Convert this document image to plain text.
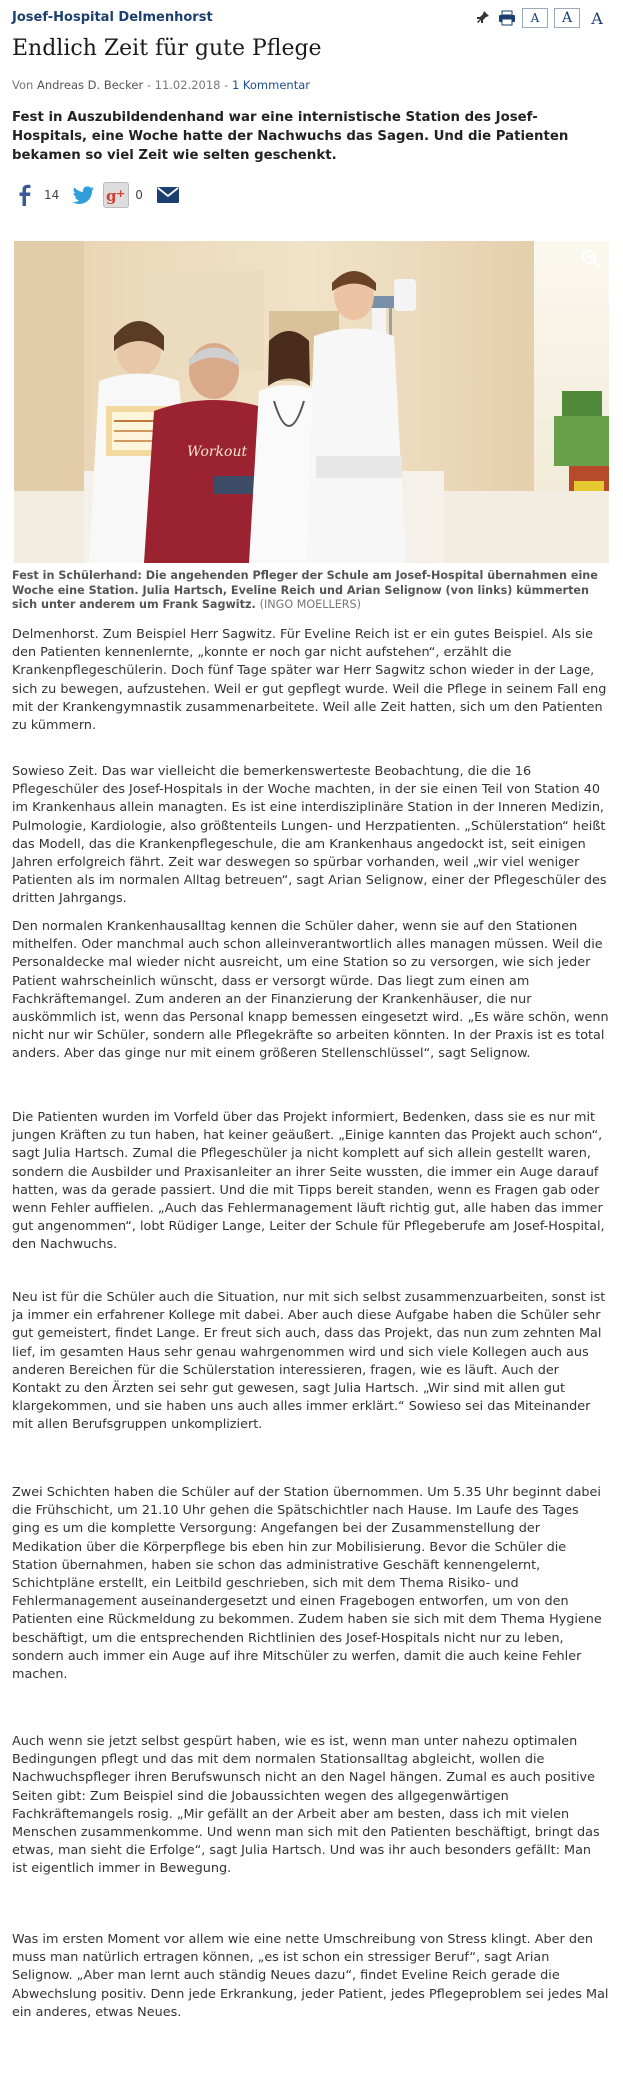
Josef-Hospital Delmenhorst	A	A	A
Endlich Zeit für gute Pflege
Von Andreas D. Becker - 11.02.2018 - 1 Kommentar

Fest in Auszubildendenhand war eine internistische Station des Josef-Hospitals, eine Woche hatte der Nachwuchs das Sagen. Und die Patienten bekamen so viel Zeit wie selten geschenkt.

14	g + 0
Workout

Fest in Schülerhand: Die angehenden Pfleger der Schule am Josef-Hospital übernahmen eine Woche eine Station. Julia Hartsch, Eveline Reich und Arian Selignow (von links) kümmerten sich unter anderem um Frank Sagwitz. (INGO MOELLERS)

Delmenhorst. Zum Beispiel Herr Sagwitz. Für Eveline Reich ist er ein gutes Beispiel. Als sie den Patienten kennenlernte, „konnte er noch gar nicht aufstehen“, erzählt die Krankenpflegeschülerin. Doch fünf Tage später war Herr Sagwitz schon wieder in der Lage, sich zu bewegen, aufzustehen. Weil er gut gepflegt wurde. Weil die Pflege in seinem Fall eng mit der Krankengymnastik zusammenarbeitete. Weil alle Zeit hatten, sich um den Patienten zu kümmern.

Sowieso Zeit. Das war vielleicht die bemerkenswerteste Beobachtung, die die 16 Pflegeschüler des Josef-Hospitals in der Woche machten, in der sie einen Teil von Station 40 im Krankenhaus allein managten. Es ist eine interdisziplinäre Station in der Inneren Medizin, Pulmologie, Kardiologie, also größtenteils Lungen- und Herzpatienten. „Schülerstation“ heißt das Modell, das die Krankenpflegeschule, die am Krankenhaus angedockt ist, seit einigen Jahren erfolgreich fährt. Zeit war deswegen so spürbar vorhanden, weil „wir viel weniger Patienten als im normalen Alltag betreuen“, sagt Arian Selignow, einer der Pflegeschüler des dritten Jahrgangs.

Den normalen Krankenhausalltag kennen die Schüler daher, wenn sie auf den Stationen mithelfen. Oder manchmal auch schon alleinverantwortlich alles managen müssen. Weil die Personaldecke mal wieder nicht ausreicht, um eine Station so zu versorgen, wie sich jeder Patient wahrscheinlich wünscht, dass er versorgt würde. Das liegt zum einen am Fachkräftemangel. Zum anderen an der Finanzierung der Krankenhäuser, die nur auskömmlich ist, wenn das Personal knapp bemessen eingesetzt wird. „Es wäre schön, wenn nicht nur wir Schüler, sondern alle Pflegekräfte so arbeiten könnten. In der Praxis ist es total anders. Aber das ginge nur mit einem größeren Stellenschlüssel“, sagt Selignow.

Die Patienten wurden im Vorfeld über das Projekt informiert, Bedenken, dass sie es nur mit jungen Kräften zu tun haben, hat keiner geäußert. „Einige kannten das Projekt auch schon“, sagt Julia Hartsch. Zumal die Pflegeschüler ja nicht komplett auf sich allein gestellt waren, sondern die Ausbilder und Praxisanleiter an ihrer Seite wussten, die immer ein Auge darauf hatten, was da gerade passiert. Und die mit Tipps bereit standen, wenn es Fragen gab oder wenn Fehler auffielen. „Auch das Fehlermanagement läuft richtig gut, alle haben das immer gut angenommen“, lobt Rüdiger Lange, Leiter der Schule für Pflegeberufe am Josef-Hospital, den Nachwuchs.

Neu ist für die Schüler auch die Situation, nur mit sich selbst zusammenzuarbeiten, sonst ist ja immer ein erfahrener Kollege mit dabei. Aber auch diese Aufgabe haben die Schüler sehr gut gemeistert, findet Lange. Er freut sich auch, dass das Projekt, das nun zum zehnten Mal lief, im gesamten Haus sehr genau wahrgenommen wird und sich viele Kollegen auch aus anderen Bereichen für die Schülerstation interessieren, fragen, wie es läuft. Auch der Kontakt zu den Ärzten sei sehr gut gewesen, sagt Julia Hartsch. „Wir sind mit allen gut klargekommen, und sie haben uns auch alles immer erklärt.“ Sowieso sei das Miteinander mit allen Berufsgruppen unkompliziert.

Zwei Schichten haben die Schüler auf der Station übernommen. Um 5.35 Uhr beginnt dabei die Frühschicht, um 21.10 Uhr gehen die Spätschichtler nach Hause. Im Laufe des Tages ging es um die komplette Versorgung: Angefangen bei der Zusammenstellung der Medikation über die Körperpflege bis eben hin zur Mobilisierung. Bevor die Schüler die Station übernahmen, haben sie schon das administrative Geschäft kennengelernt, Schichtpläne erstellt, ein Leitbild geschrieben, sich mit dem Thema Risiko- und Fehlermanagement auseinandergesetzt und einen Fragebogen entworfen, um von den Patienten eine Rückmeldung zu bekommen. Zudem haben sie sich mit dem Thema Hygiene beschäftigt, um die entsprechenden Richtlinien des Josef-Hospitals nicht nur zu leben, sondern auch immer ein Auge auf ihre Mitschüler zu werfen, damit die auch keine Fehler machen.

Auch wenn sie jetzt selbst gespürt haben, wie es ist, wenn man unter nahezu optimalen Bedingungen pflegt und das mit dem normalen Stationsalltag abgleicht, wollen die Nachwuchspfleger ihren Berufswunsch nicht an den Nagel hängen. Zumal es auch positive Seiten gibt: Zum Beispiel sind die Jobaussichten wegen des allgegenwärtigen Fachkräftemangels rosig. „Mir gefällt an der Arbeit aber am besten, dass ich mit vielen Menschen zusammenkomme. Und wenn man sich mit den Patienten beschäftigt, bringt das etwas, man sieht die Erfolge“, sagt Julia Hartsch. Und was ihr auch besonders gefällt: Man ist eigentlich immer in Bewegung.

Was im ersten Moment vor allem wie eine nette Umschreibung von Stress klingt. Aber den muss man natürlich ertragen können, „es ist schon ein stressiger Beruf“, sagt Arian Selignow. „Aber man lernt auch ständig Neues dazu“, findet Eveline Reich gerade die Abwechslung positiv. Denn jede Erkrankung, jeder Patient, jedes Pflegeproblem sei jedes Mal ein anderes, etwas Neues.
